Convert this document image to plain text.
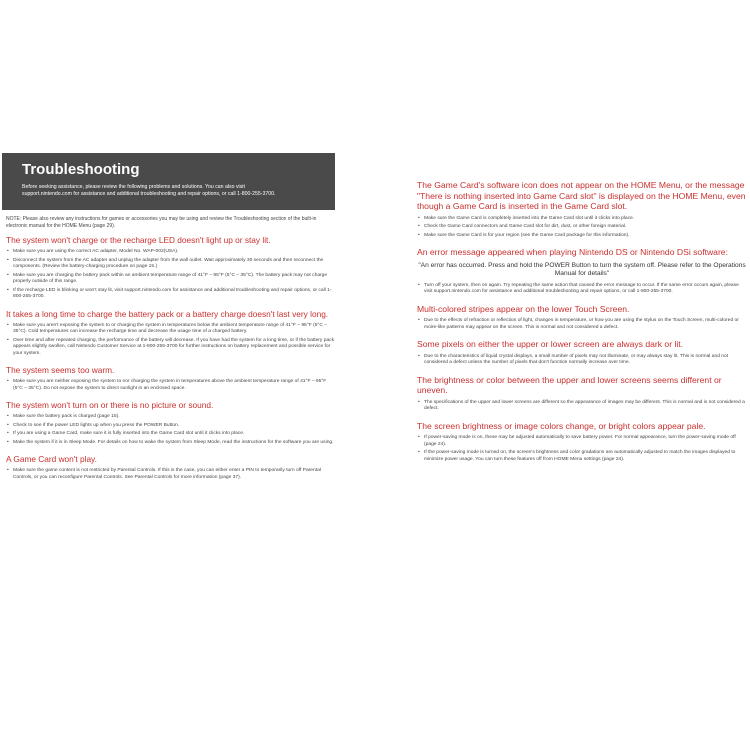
Troubleshooting

Before seeking assistance, please review the following problems and solutions. You can also visit

support.nintendo.com for assistance and additional troubleshooting and repair options, or call 1-800-255-3700.

NOTE: Please also review any instructions for games or accessories you may be using and review the Troubleshooting section of the built-in electronic manual for the HOME Menu (page 29).
The system won't charge or the recharge LED doesn't light up or stay lit.
• Make sure you are using the correct AC adapter, Model No. WAP-002(USA).
• Disconnect the system from the AC adapter and unplug the adapter from the wall outlet. Wait approximately 30 seconds and then reconnect the components. (Review the battery-charging procedure on page 15.)
• Make sure you are charging the battery pack within an ambient temperature range of 41°F – 95°F (5°C – 35°C). The battery pack may not charge properly outside of this range.
• If the recharge LED is blinking or won't stay lit, visit support.nintendo.com for assistance and additional troubleshooting and repair options, or call 1-800-255-3700.
It takes a long time to charge the battery pack or a battery charge doesn't last very long.
• Make sure you aren't exposing the system to or charging the system in temperatures below the ambient temperature range of 41°F – 95°F (5°C – 35°C). Cold temperatures can increase the recharge time and decrease the usage time of a charged battery.
• Over time and after repeated charging, the performance of the battery will decrease. If you have had the system for a long time, or if the battery pack appears slightly swollen, call Nintendo Customer Service at 1-800-255-3700 for further instructions on battery replacement and possible service for your system.
The system seems too warm.
• Make sure you are neither exposing the system to nor charging the system in temperatures above the ambient temperature range of 41°F – 95°F (5°C – 35°C). Do not expose the system to direct sunlight in an enclosed space.
The system won't turn on or there is no picture or sound.
• Make sure the battery pack is charged (page 15).
• Check to see if the power LED lights up when you press the POWER Button.
• If you are using a Game Card, make sure it is fully inserted into the Game Card slot until it clicks into place.
• Make the system if it is in Sleep Mode. For details on how to wake the system from Sleep Mode, read the instructions for the software you are using.
A Game Card won't play.
• Make sure the game content is not restricted by Parental Controls. If this is the case, you can either enter a PIN to temporarily turn off Parental Controls, or you can reconfigure Parental Controls. See Parental Controls for more information (page 37).
The Game Card's software icon does not appear on the HOME Menu, or the message "There is nothing inserted into Game Card slot" is displayed on the HOME Menu, even though a Game Card is inserted in the Game Card slot.
• Make sure the Game Card is completely inserted into the Game Card slot until it clicks into place.
• Check the Game Card connectors and Game Card slot for dirt, dust, or other foreign material.
• Make sure the Game Card is for your region (see the Game Card package for this information).
An error message appeared when playing Nintendo DS or Nintendo DSi software:
"An error has occurred. Press and hold the POWER Button to turn the system off. Please refer to the Operations Manual for details"
• Turn off your system, then on again. Try repeating the same action that caused the error message to occur. If the same error occurs again, please visit support.nintendo.com for assistance and additional troubleshooting and repair options, or call 1-800-255-3700.
Multi-colored stripes appear on the lower Touch Screen.
• Due to the effects of refraction or reflection of light, changes in temperature, or how you are using the stylus on the Touch Screen, multi-colored or moire-like patterns may appear on the screen. This is normal and not considered a defect.
Some pixels on either the upper or lower screen are always dark or lit.
• Due to the characteristics of liquid crystal displays, a small number of pixels may not illuminate, or may always stay lit. This is normal and not considered a defect unless the number of pixels that don't function normally increase over time.
The brightness or color between the upper and lower screens seems different or uneven.
• The specifications of the upper and lower screens are different so the appearance of images may be different. This is normal and is not considered a defect.
The screen brightness or image colors change, or bright colors appear pale.
• If power-saving mode is on, these may be adjusted automatically to save battery power. For normal appearance, turn the power-saving mode off (page 24).
• If the power-saving mode is turned on, the screen's brightness and color gradations are automatically adjusted to match the images displayed to minimize power usage. You can turn these features off from HOME Menu settings (page 24).
